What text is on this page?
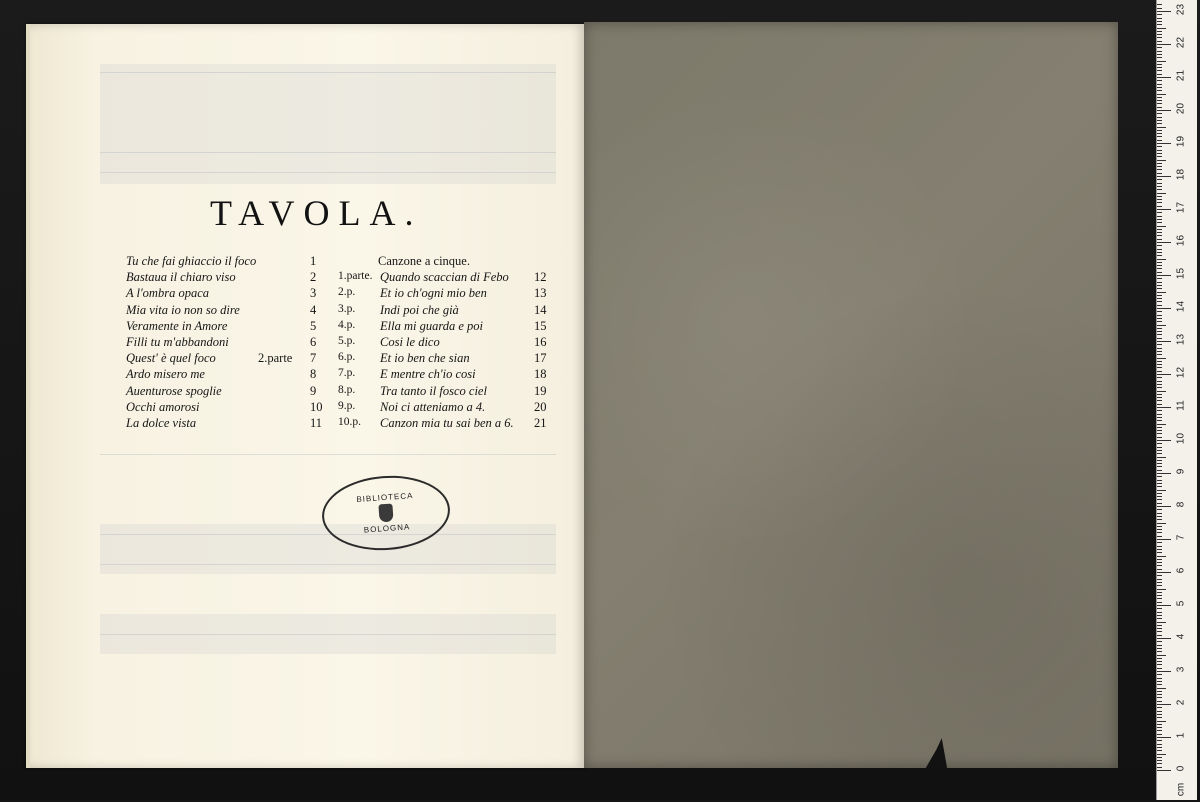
TAVOLA.
Tu che fai ghiaccio il foco	1
Bastaua il chiaro viso	2
A l'ombra opaca	3
Mia vita io non so dire	4
Veramente in Amore	5
Filli tu m'abbandoni	6
Quest' è quel foco	2.parte 7
Ardo misero me	8
Auenturose spoglie	9
Occhi amorosi	10
La dolce vista	11
Canzone a cinque.
1.parte. Quando scaccian di Febo 12
2.p. Et io ch'ogni mio ben	13
3.p. Indi poi che già	14
4.p. Ella mi guarda e poi	15
5.p. Cosi le dico	16
6.p. Et io ben che sian	17
7.p. E mentre ch'io cosi	18
8.p. Tra tanto il fosco ciel	19
9.p. Noi ci atteniamo a 4.	20
10.p. Canzon mia tu sai ben a 6. 21
BIBLIOTECA
BOLOGNA
0
1
2
3
4
5
6
7
8
9
10
11
12
13
14
15
16
17
18
19
20
21
22
23
cm
